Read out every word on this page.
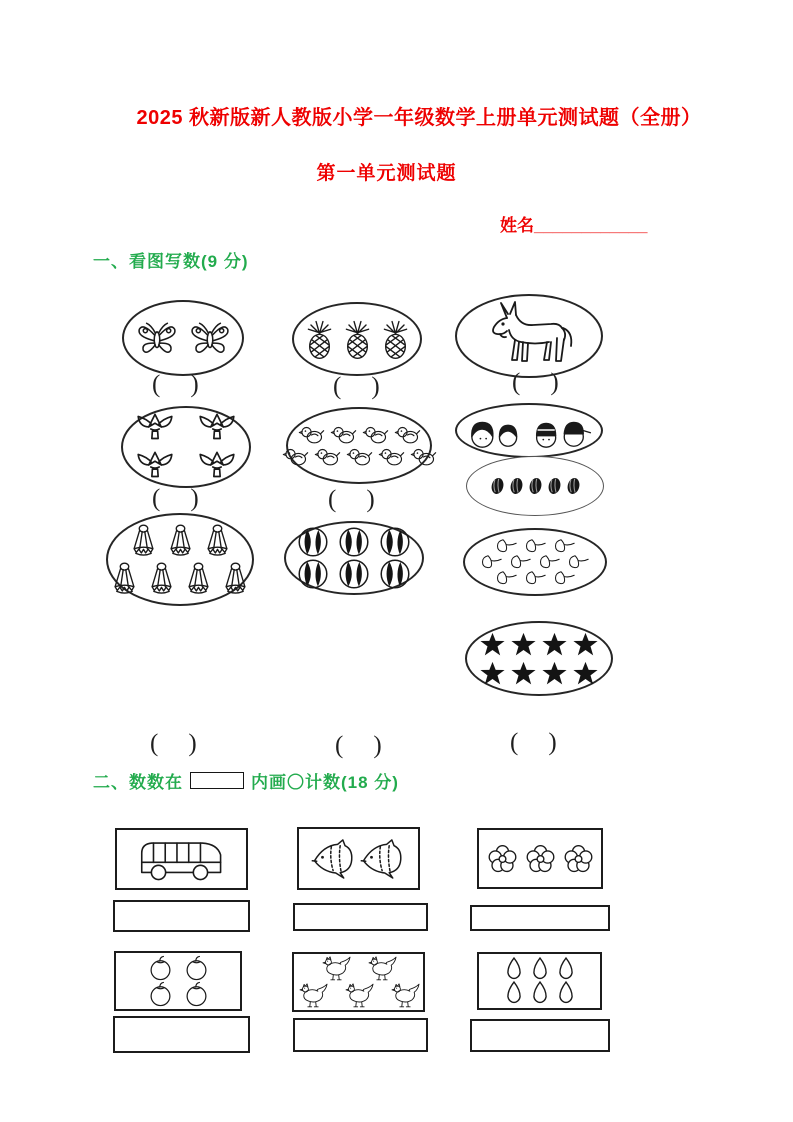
2025 秋新版新人教版小学一年级数学上册单元测试题（全册）
第一单元测试题
姓名 ____________
一、看图写数(9 分)
( )	( )	( )
( )	( )
( )	( )	( )
二、数数在	内画〇计数(18 分)
